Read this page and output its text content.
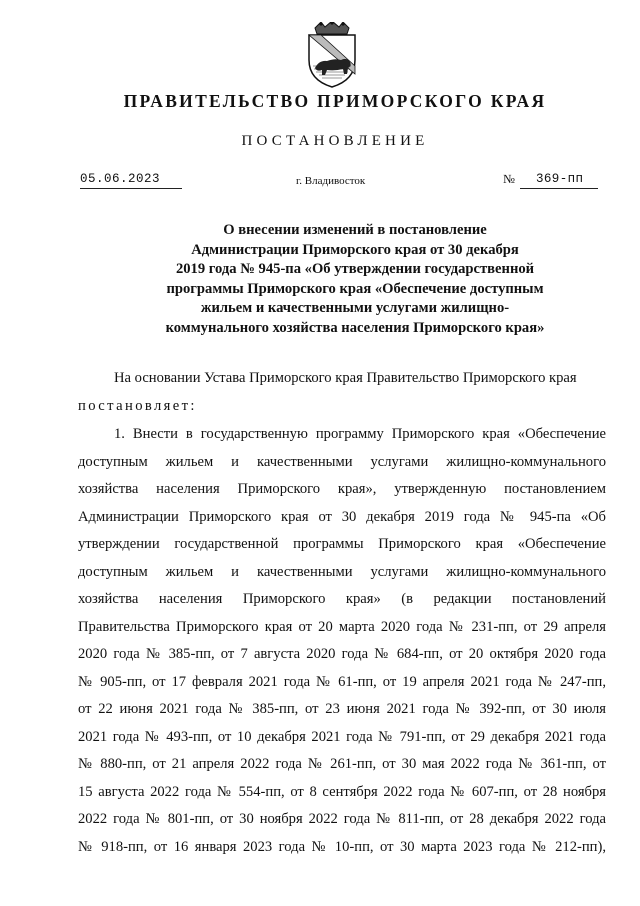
ПРАВИТЕЛЬСТВО ПРИМОРСКОГО КРАЯ
ПОСТАНОВЛЕНИЕ
05.06.2023	г. Владивосток	№ 369-пп
О внесении изменений в постановление
Администрации Приморского края от 30 декабря
2019 года № 945-па «Об утверждении государственной
программы Приморского края «Обеспечение доступным
жильем и качественными услугами жилищно-
коммунального хозяйства населения Приморского края»
На основании Устава Приморского края Правительство Приморского края
постановляет:
1. Внести в государственную программу Приморского края «Обеспечение
доступным жильем и качественными услугами жилищно-коммунального
хозяйства населения Приморского края», утвержденную постановлением
Администрации Приморского края от 30 декабря 2019 года № 945-па «Об
утверждении государственной программы Приморского края «Обеспечение
доступным жильем и качественными услугами жилищно-коммунального
хозяйства населения Приморского края» (в редакции постановлений
Правительства Приморского края от 20 марта 2020 года № 231-пп, от 29 апреля
2020 года № 385-пп, от 7 августа 2020 года № 684-пп, от 20 октября 2020 года
№ 905-пп, от 17 февраля 2021 года № 61-пп, от 19 апреля 2021 года № 247-пп,
от 22 июня 2021 года № 385-пп, от 23 июня 2021 года № 392-пп, от 30 июля
2021 года № 493-пп, от 10 декабря 2021 года № 791-пп, от 29 декабря 2021 года
№ 880-пп, от 21 апреля 2022 года № 261-пп, от 30 мая 2022 года № 361-пп, от
15 августа 2022 года № 554-пп, от 8 сентября 2022 года № 607-пп, от 28 ноября
2022 года № 801-пп, от 30 ноября 2022 года № 811-пп, от 28 декабря 2022 года
№ 918-пп, от 16 января 2023 года № 10-пп, от 30 марта 2023 года № 212-пп),
